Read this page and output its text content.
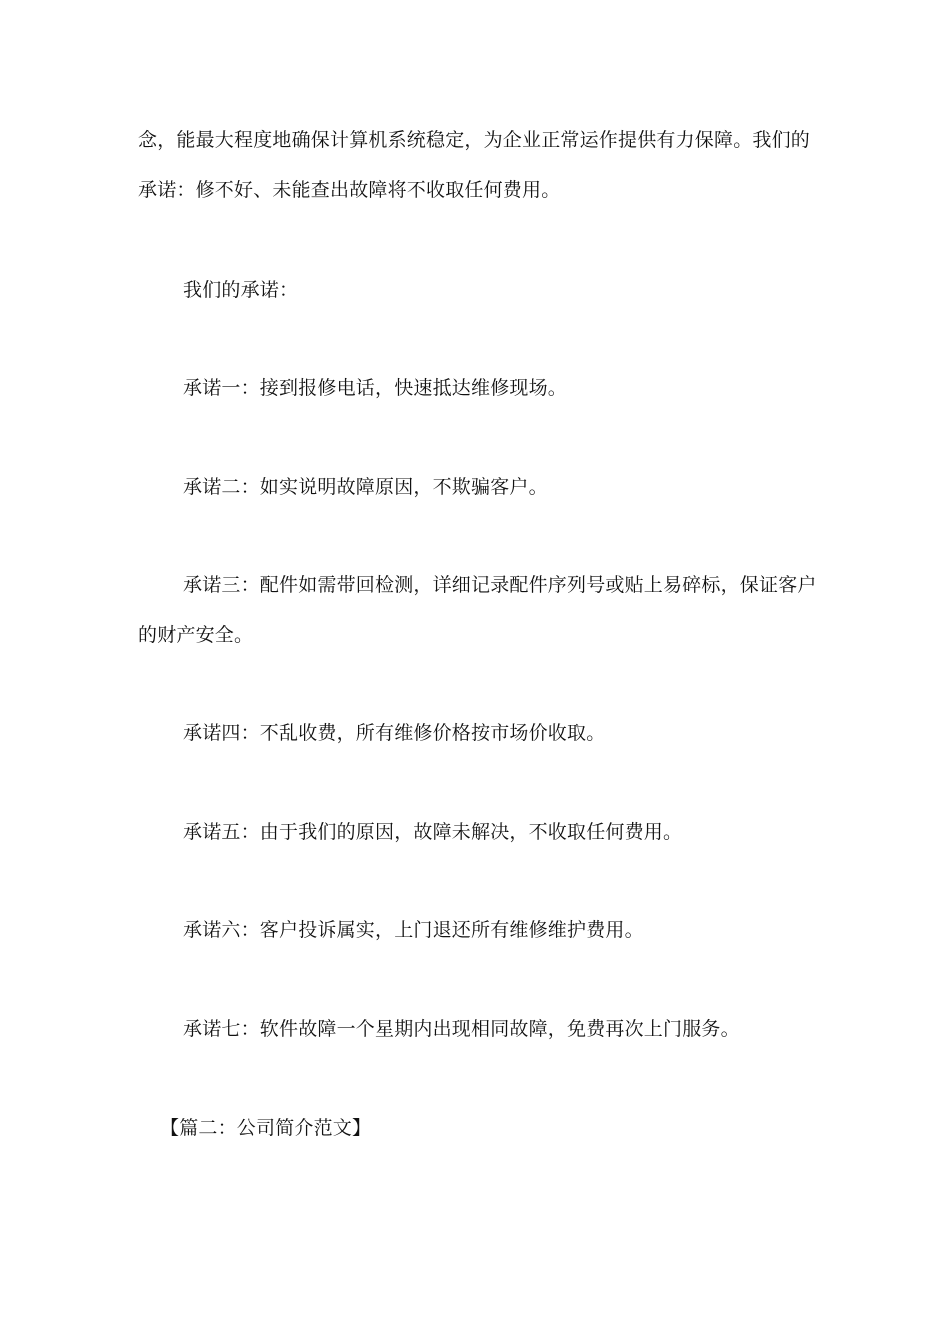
念，能最大程度地确保计算机系统稳定，为企业正常运作提供有力保障。我们的
承诺：修不好、未能查出故障将不收取任何费用。
我们的承诺：
承诺一：接到报修电话，快速抵达维修现场。
承诺二：如实说明故障原因，不欺骗客户。
承诺三：配件如需带回检测，详细记录配件序列号或贴上易碎标，保证客户
的财产安全。
承诺四：不乱收费，所有维修价格按市场价收取。
承诺五：由于我们的原因，故障未解决，不收取任何费用。
承诺六：客户投诉属实，上门退还所有维修维护费用。
承诺七：软件故障一个星期内出现相同故障，免费再次上门服务。
【篇二：公司简介范文】
